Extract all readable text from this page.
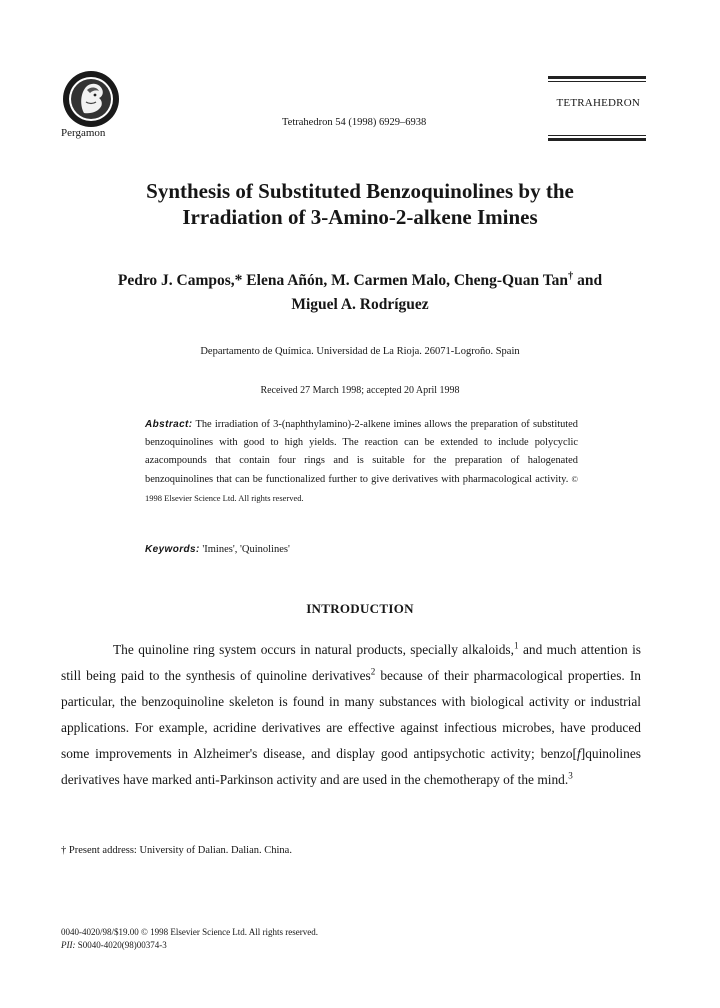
Pergamon
Tetrahedron 54 (1998) 6929–6938
TETRAHEDRON
Synthesis of Substituted Benzoquinolines by the
Irradiation of 3-Amino-2-alkene Imines
Pedro J. Campos,* Elena Añón, M. Carmen Malo, Cheng-Quan Tan† and
Miguel A. Rodríguez
Departamento de Química. Universidad de La Rioja. 26071-Logroño. Spain
Received 27 March 1998; accepted 20 April 1998
Abstract: The irradiation of 3-(naphthylamino)-2-alkene imines allows the preparation of substituted benzoquinolines with good to high yields. The reaction can be extended to include polycyclic azacompounds that contain four rings and is suitable for the preparation of halogenated benzoquinolines that can be functionalized further to give derivatives with pharmacological activity. © 1998 Elsevier Science Ltd. All rights reserved.
Keywords: 'Imines', 'Quinolines'
INTRODUCTION
The quinoline ring system occurs in natural products, specially alkaloids,$^1$ and much attention is still being paid to the synthesis of quinoline derivatives$^2$ because of their pharmacological properties. In particular, the benzoquinoline skeleton is found in many substances with biological activity or industrial applications. For example, acridine derivatives are effective against infectious microbes, have produced some improvements in Alzheimer's disease, and display good antipsychotic activity; benzo[f]quinolines derivatives have marked anti-Parkinson activity and are used in the chemotherapy of the mind.$^3$
† Present address: University of Dalian. Dalian. China.
0040-4020/98/$19.00 © 1998 Elsevier Science Ltd. All rights reserved.
PII: S0040-4020(98)00374-3
